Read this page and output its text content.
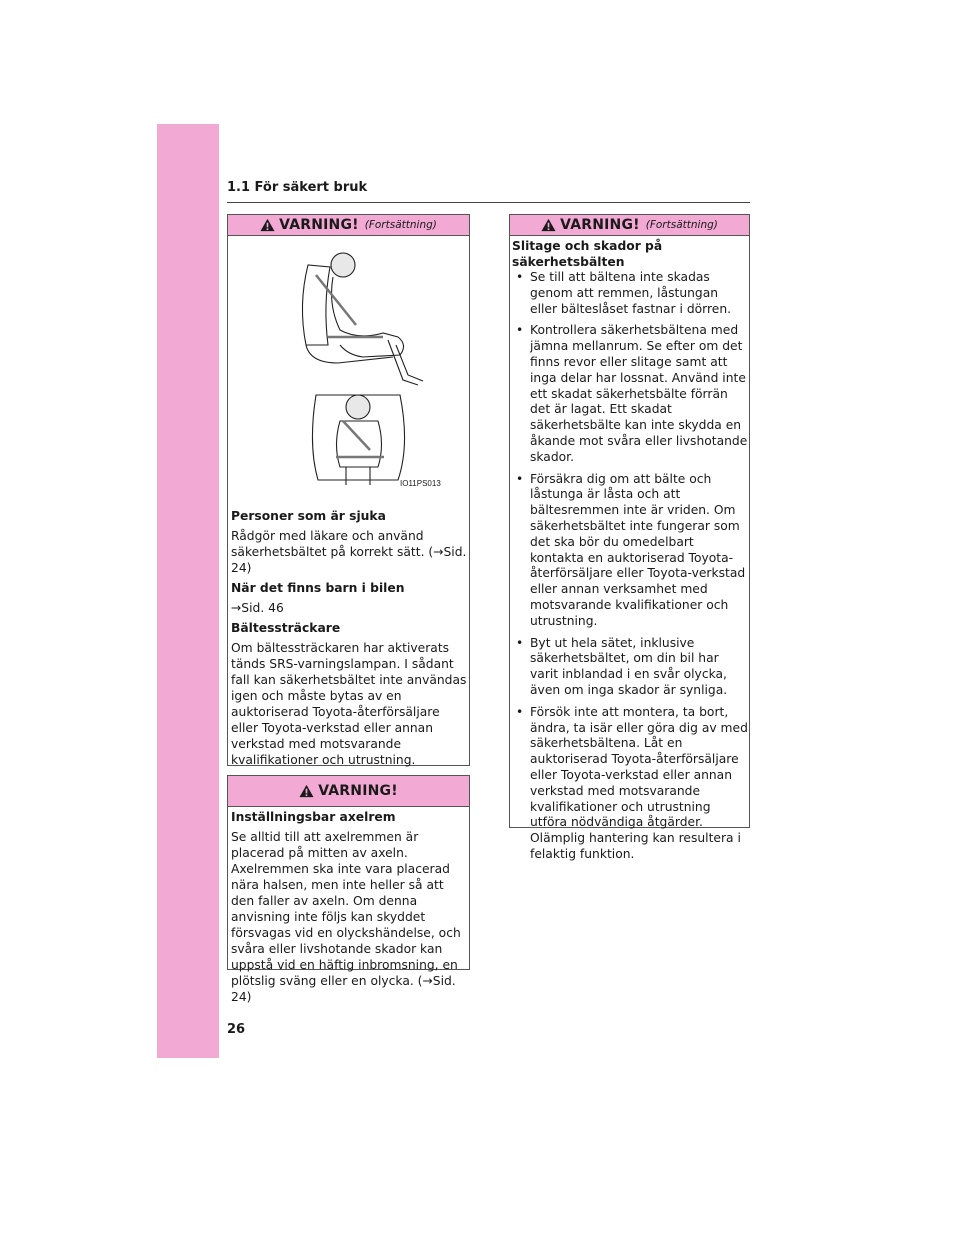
1.1 För säkert bruk
VARNING! (Fortsättning)
IO11PS013
Personer som är sjuka

Rådgör med läkare och använd säkerhetsbältet på korrekt sätt. (→Sid. 24)

När det finns barn i bilen

→Sid. 46

Bältessträckare

Om bältessträckaren har aktiverats tänds SRS-varningslampan. I sådant fall kan säkerhetsbältet inte användas igen och måste bytas av en auktoriserad Toyota-återförsäljare eller Toyota-verkstad eller annan verkstad med motsvarande kvalifikationer och utrustning.

VARNING!
Inställningsbar axelrem

Se alltid till att axelremmen är placerad på mitten av axeln. Axelremmen ska inte vara placerad nära halsen, men inte heller så att den faller av axeln. Om denna anvisning inte följs kan skyddet försvagas vid en olyckshändelse, och svåra eller livshotande skador kan uppstå vid en häftig inbromsning, en plötslig sväng eller en olycka. (→Sid. 24)

VARNING! (Fortsättning)
Slitage och skador på säkerhetsbälten
• Se till att bältena inte skadas genom att remmen, låstungan eller bälteslåset fastnar i dörren.
• Kontrollera säkerhetsbältena med jämna mellanrum. Se efter om det finns revor eller slitage samt att inga delar har lossnat. Använd inte ett skadat säkerhetsbälte förrän det är lagat. Ett skadat säkerhetsbälte kan inte skydda en åkande mot svåra eller livshotande skador.
• Försäkra dig om att bälte och låstunga är låsta och att bältesremmen inte är vriden. Om säkerhetsbältet inte fungerar som det ska bör du omedelbart kontakta en auktoriserad Toyota-återförsäljare eller Toyota-verkstad eller annan verksamhet med motsvarande kvalifikationer och utrustning.
• Byt ut hela sätet, inklusive säkerhetsbältet, om din bil har varit inblandad i en svår olycka, även om inga skador är synliga.
• Försök inte att montera, ta bort, ändra, ta isär eller göra dig av med säkerhetsbältena. Låt en auktoriserad Toyota-återförsäljare eller Toyota-verkstad eller annan verkstad med motsvarande kvalifikationer och utrustning utföra nödvändiga åtgärder. Olämplig hantering kan resultera i felaktig funktion.
26
